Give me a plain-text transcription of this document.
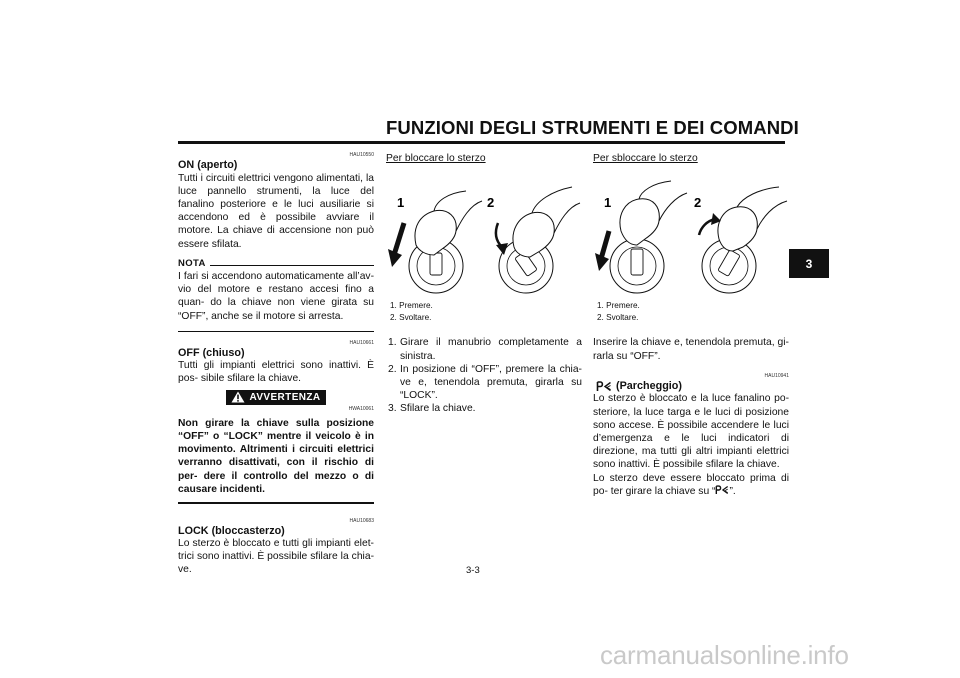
FUNZIONI DEGLI STRUMENTI E DEI COMANDI
3
HAU10550
ON (aperto)

Tutti i circuiti elettrici vengono alimentati, la luce pannello strumenti, la luce del fanalino posteriore e le luci ausiliarie si accendono ed è possibile avviare il motore. La chiave di accensione non può essere sfilata.

NOTA

I fari si accendono automaticamente all’av- vio del motore e restano accesi fino a quan- do la chiave non viene girata su “OFF”, anche se il motore si arresta.

HAU10661
OFF (chiuso)

Tutti gli impianti elettrici sono inattivi. È pos- sibile sfilare la chiave.

AVVERTENZA
HWA10061

Non girare la chiave sulla posizione “OFF” o “LOCK” mentre il veicolo è in movimento. Altrimenti i circuiti elettrici verranno disattivati, con il rischio di per- dere il controllo del mezzo o di causare incidenti.

HAU10683
LOCK (bloccasterzo)

Lo sterzo è bloccato e tutti gli impianti elet- trici sono inattivi. È possibile sfilare la chia- ve.

Per bloccare lo sterzo
1	2
1. Premere.
2. Svoltare.
1. Girare il manubrio completamente a sinistra.
2. In posizione di “OFF”, premere la chia- ve e, tenendola premuta, girarla su “LOCK”.
3. Sfilare la chiave.
Per sbloccare lo sterzo
1	2
1. Premere.
2. Svoltare.

Inserire la chiave e, tenendola premuta, gi- rarla su “OFF”.

HAU10941
(Parcheggio)

Lo sterzo è bloccato e la luce fanalino po- steriore, la luce targa e le luci di posizione sono accese. È possibile accendere le luci d’emergenza e le luci indicatori di direzione, ma tutti gli altri impianti elettrici sono inattivi. È possibile sfilare la chiave.

Lo sterzo deve essere bloccato prima di po- ter girare la chiave su “ ”.

3-3
carmanualsonline.info
